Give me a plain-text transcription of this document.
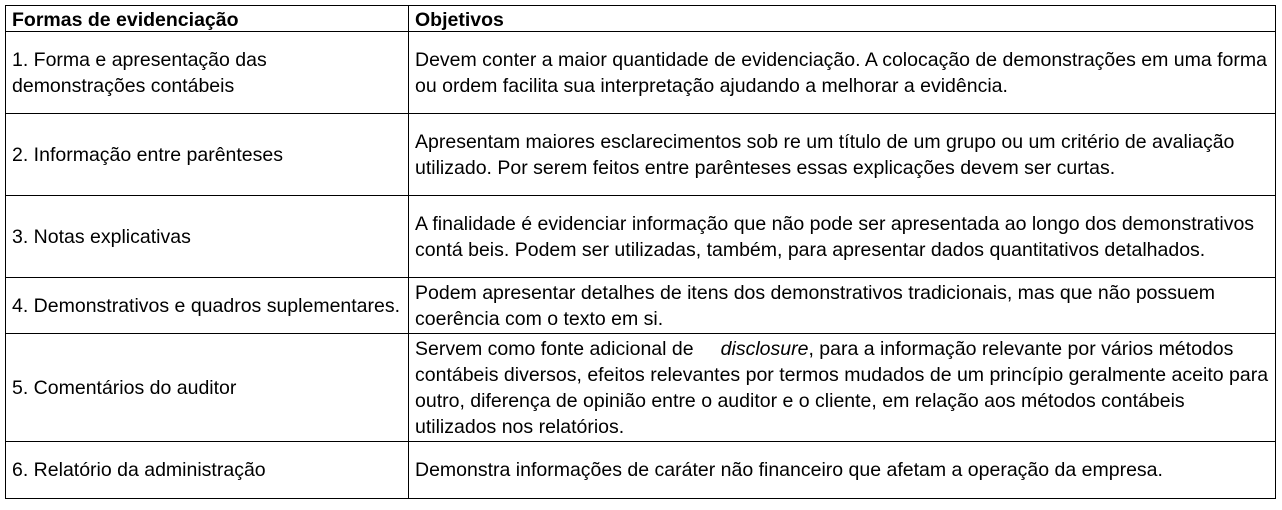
Formas de evidenciação	Objetivos
1. Forma e apresentação das demonstrações contábeis	Devem conter a maior quantidade de evidenciação. A colocação de demonstrações em uma forma ou ordem facilita sua interpretação ajudando a melhorar a evidência.
2. Informação entre parênteses	Apresentam maiores esclarecimentos sob re um título de um grupo ou um critério de avaliação utilizado. Por serem feitos entre parênteses essas explicações devem ser curtas.
3. Notas explicativas	A finalidade é evidenciar informação que não pode ser apresentada ao longo dos demonstrativos contá beis. Podem ser utilizadas, também, para apresentar dados quantitativos detalhados.
4. Demonstrativos e quadros suplementares.	Podem apresentar detalhes de itens dos demonstrativos tradicionais, mas que não possuem coerência com o texto em si.
5. Comentários do auditor	Servem como fonte adicional de disclosure, para a informação relevante por vários métodos contábeis diversos, efeitos relevantes por termos mudados de um princípio geralmente aceito para outro, diferença de opinião entre o auditor e o cliente, em relação aos métodos contábeis utilizados nos relatórios.
6. Relatório da administração	Demonstra informações de caráter não financeiro que afetam a operação da empresa.
